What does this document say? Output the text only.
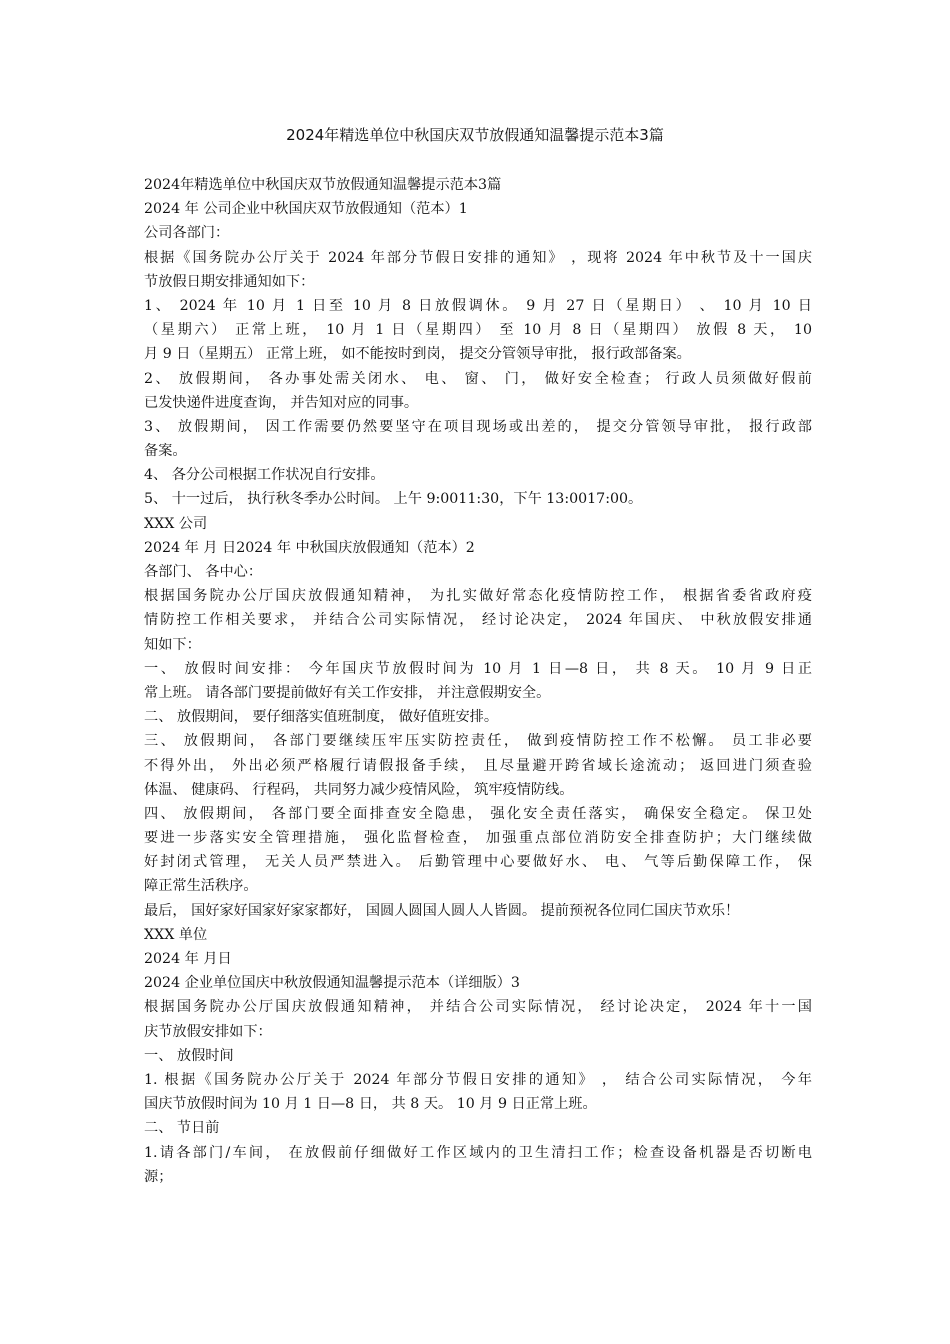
2024年精选单位中秋国庆双节放假通知温馨提示范本3篇
2024年精选单位中秋国庆双节放假通知温馨提示范本3篇
2024 年 公司企业中秋国庆双节放假通知（范本）1
公司各部门：
根据《国务院办公厅关于 2024 年部分节假日安排的通知》 ，现将 2024 年中秋节及十一国庆
节放假日期安排通知如下：
1、 2024 年 10 月 1 日至 10 月 8 日放假调休。 9 月 27 日（星期日） 、 10 月 10 日
（星期六） 正常上班， 10 月 1 日（星期四） 至 10 月 8 日（星期四） 放假 8 天， 10
月 9 日（星期五） 正常上班， 如不能按时到岗， 提交分管领导审批， 报行政部备案。
2、 放假期间， 各办事处需关闭水、 电、 窗、 门， 做好安全检查； 行政人员须做好假前
已发快递件进度查询， 并告知对应的同事。
3、 放假期间， 因工作需要仍然要坚守在项目现场或出差的， 提交分管领导审批， 报行政部
备案。
4、 各分公司根据工作状况自行安排。
5、 十一过后， 执行秋冬季办公时间。 上午 9:0011:30，下午 13:0017:00。
XXX 公司
2024 年 月 日2024 年 中秋国庆放假通知（范本）2
各部门、 各中心：
根据国务院办公厅国庆放假通知精神， 为扎实做好常态化疫情防控工作， 根据省委省政府疫
情防控工作相关要求， 并结合公司实际情况， 经讨论决定， 2024 年国庆、 中秋放假安排通
知如下：
一、 放假时间安排： 今年国庆节放假时间为 10 月 1 日—8 日， 共 8 天。 10 月 9 日正
常上班。 请各部门要提前做好有关工作安排， 并注意假期安全。
二、 放假期间， 要仔细落实值班制度， 做好值班安排。
三、 放假期间， 各部门要继续压牢压实防控责任， 做到疫情防控工作不松懈。 员工非必要
不得外出， 外出必须严格履行请假报备手续， 且尽量避开跨省域长途流动； 返回进门须查验
体温、 健康码、 行程码， 共同努力减少疫情风险， 筑牢疫情防线。
四、 放假期间， 各部门要全面排查安全隐患， 强化安全责任落实， 确保安全稳定。 保卫处
要进一步落实安全管理措施， 强化监督检查， 加强重点部位消防安全排查防护；大门继续做
好封闭式管理， 无关人员严禁进入。 后勤管理中心要做好水、 电、 气等后勤保障工作， 保
障正常生活秩序。
最后， 国好家好国家好家家都好， 国圆人圆国人圆人人皆圆。 提前预祝各位同仁国庆节欢乐！
XXX 单位
2024 年 月日
2024 企业单位国庆中秋放假通知温馨提示范本（详细版）3
根据国务院办公厅国庆放假通知精神， 并结合公司实际情况， 经讨论决定， 2024 年十一国
庆节放假安排如下：
一、 放假时间
1. 根据《国务院办公厅关于 2024 年部分节假日安排的通知》 ， 结合公司实际情况， 今年
国庆节放假时间为 10 月 1 日—8 日， 共 8 天。 10 月 9 日正常上班。
二、 节日前
1.请各部门/车间， 在放假前仔细做好工作区域内的卫生清扫工作；检查设备机器是否切断电
源；
